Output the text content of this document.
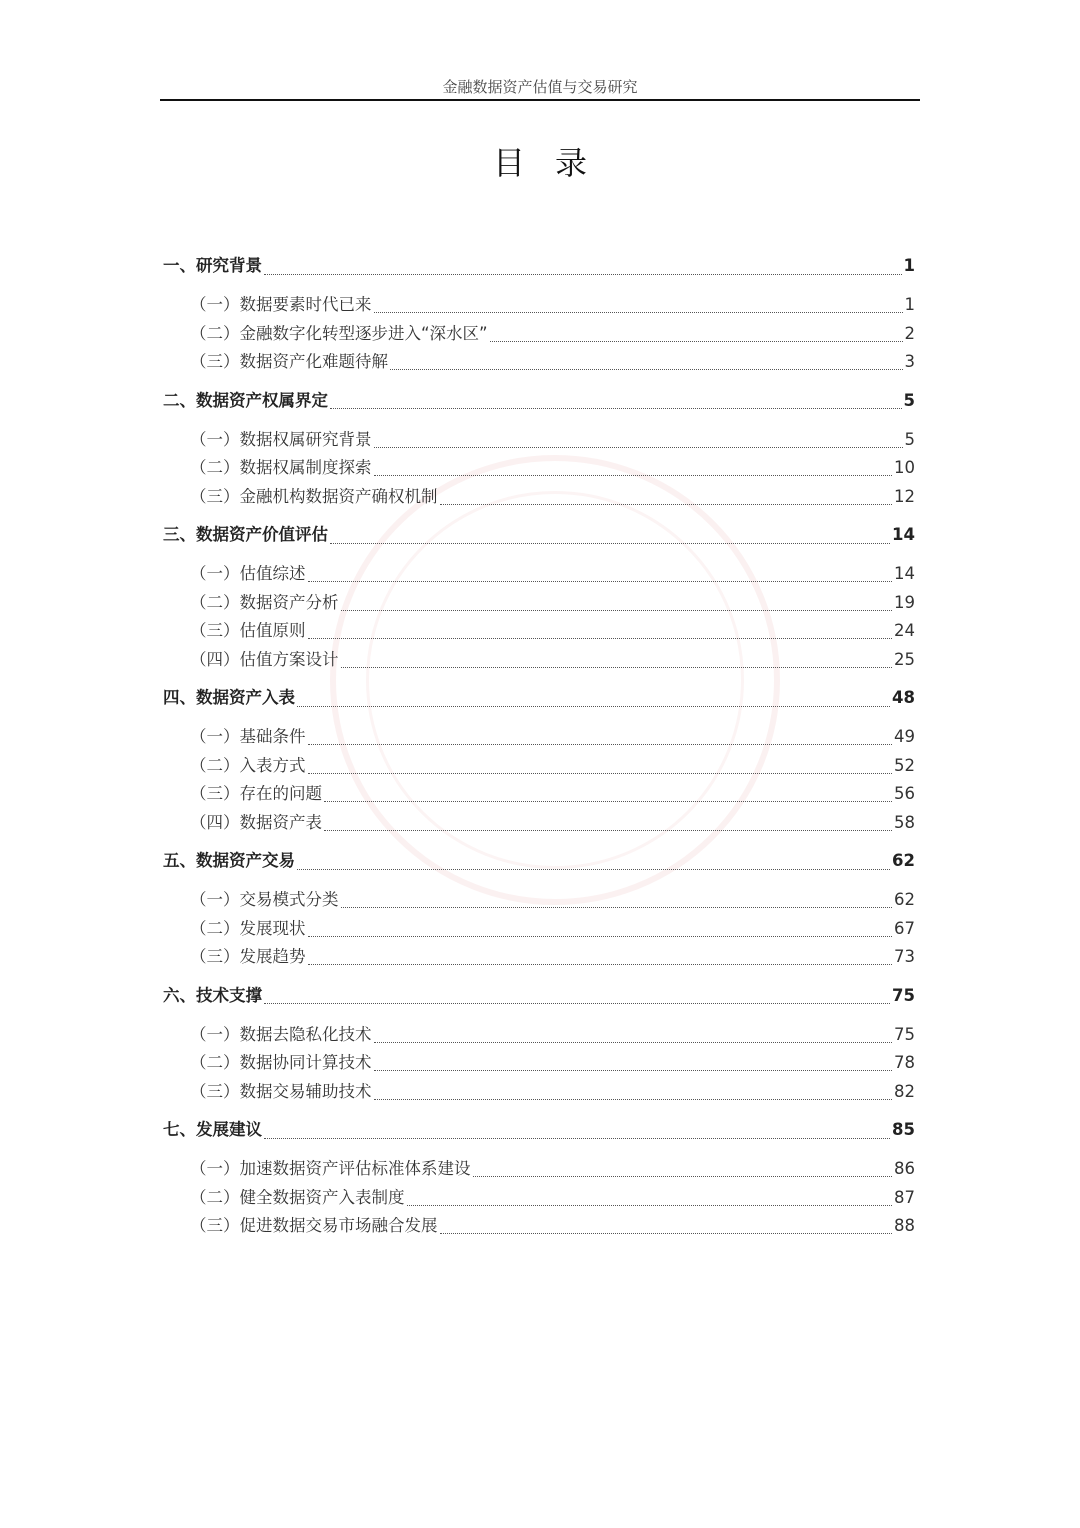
金融数据资产估值与交易研究
目录
一、研究背景	1
（一）数据要素时代已来	1
（二）金融数字化转型逐步进入“深水区”	2
（三）数据资产化难题待解	3
二、数据资产权属界定	5
（一）数据权属研究背景	5
（二）数据权属制度探索	10
（三）金融机构数据资产确权机制	12
三、数据资产价值评估	14
（一）估值综述	14
（二）数据资产分析	19
（三）估值原则	24
（四）估值方案设计	25
四、数据资产入表	48
（一）基础条件	49
（二）入表方式	52
（三）存在的问题	56
（四）数据资产表	58
五、数据资产交易	62
（一）交易模式分类	62
（二）发展现状	67
（三）发展趋势	73
六、技术支撑	75
（一）数据去隐私化技术	75
（二）数据协同计算技术	78
（三）数据交易辅助技术	82
七、发展建议	85
（一）加速数据资产评估标准体系建设	86
（二）健全数据资产入表制度	87
（三）促进数据交易市场融合发展	88
